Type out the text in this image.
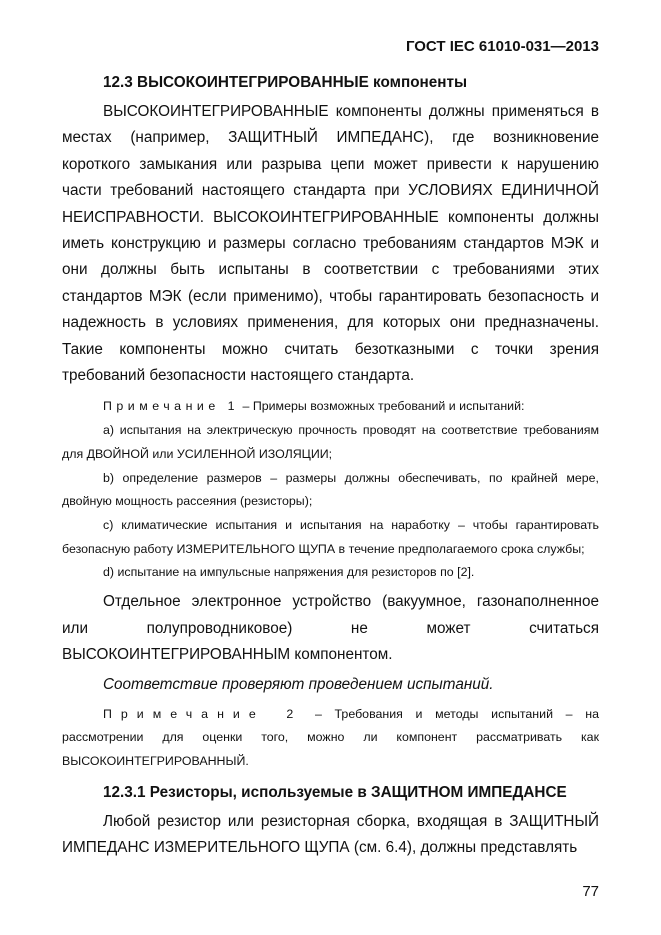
ГОСТ IEC 61010-031—2013

12.3 ВЫСОКОИНТЕГРИРОВАННЫЕ компоненты

ВЫСОКОИНТЕГРИРОВАННЫЕ компоненты должны применяться в местах (например, ЗАЩИТНЫЙ ИМПЕДАНС), где возникновение короткого замыкания или разрыва цепи может привести к нарушению части требований настоящего стандарта при УСЛОВИЯХ ЕДИНИЧНОЙ НЕИСПРАВНОСТИ. ВЫСОКОИНТЕГРИРОВАННЫЕ компоненты должны иметь конструкцию и размеры согласно требованиям стандартов МЭК и они должны быть испытаны в соответствии с требованиями этих стандартов МЭК (если применимо), чтобы гарантировать безопасность и надежность в условиях применения, для которых они предназначены. Такие компоненты можно считать безотказными с точки зрения требований безопасности настоящего стандарта.

Примечание 1 – Примеры возможных требований и испытаний:

а) испытания на электрическую прочность проводят на соответствие требованиям для ДВОЙНОЙ или УСИЛЕННОЙ ИЗОЛЯЦИИ;

b) определение размеров – размеры должны обеспечивать, по крайней мере, двойную мощность рассеяния (резисторы);

с) климатические испытания и испытания на наработку – чтобы гарантировать безопасную работу ИЗМЕРИТЕЛЬНОГО ЩУПА в течение предполагаемого срока службы;

d) испытание на импульсные напряжения для резисторов по [2].

Отдельное электронное устройство (вакуумное, газонаполненное или полупроводниковое) не может считаться ВЫСОКОИНТЕГРИРОВАННЫМ компонентом.

Соответствие проверяют проведением испытаний.

Примечание 2 – Требования и методы испытаний – на рассмотрении для оценки того, можно ли компонент рассматривать как ВЫСОКОИНТЕГРИРОВАННЫЙ.

12.3.1 Резисторы, используемые в ЗАЩИТНОМ ИМПЕДАНСЕ

Любой резистор или резисторная сборка, входящая в ЗАЩИТНЫЙ ИМПЕДАНС ИЗМЕРИТЕЛЬНОГО ЩУПА (см. 6.4), должны представлять

77
